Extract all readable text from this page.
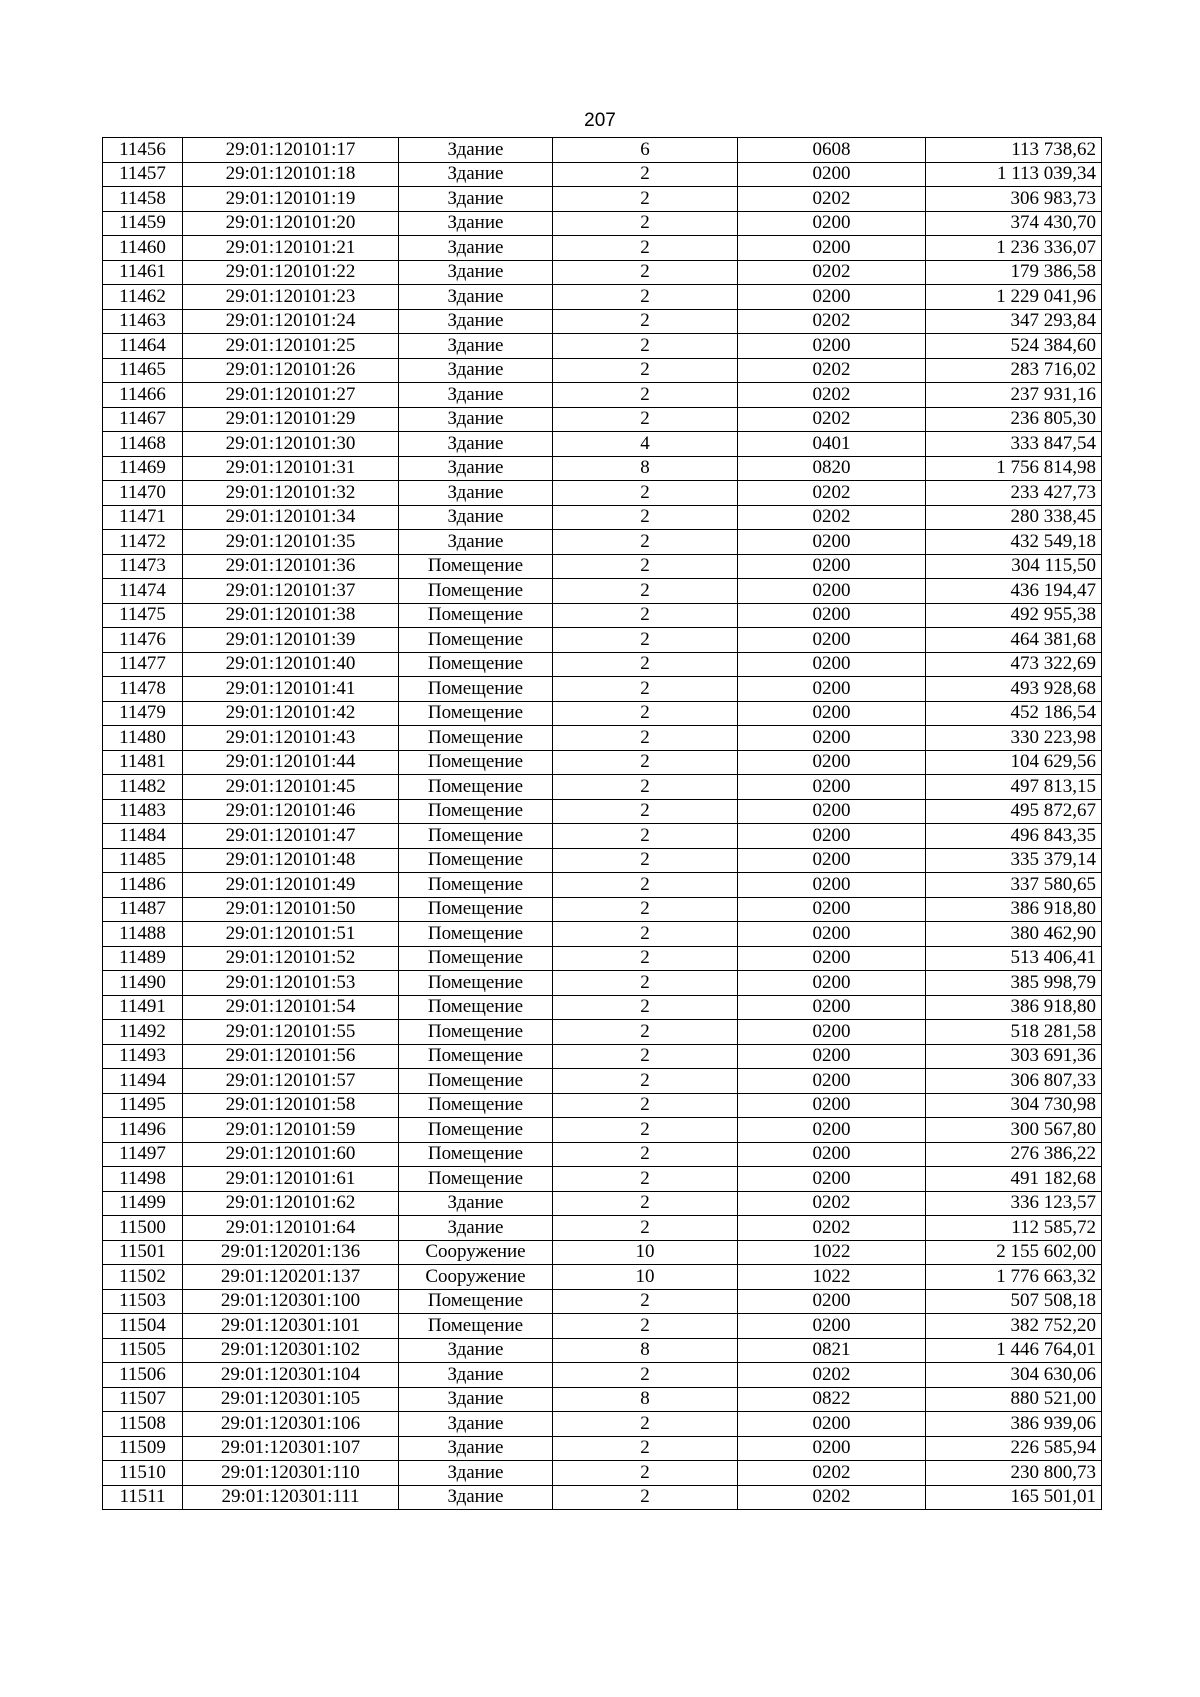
207
11456	29:01:120101:17	Здание	6	0608	113 738,62
11457	29:01:120101:18	Здание	2	0200	1 113 039,34
11458	29:01:120101:19	Здание	2	0202	306 983,73
11459	29:01:120101:20	Здание	2	0200	374 430,70
11460	29:01:120101:21	Здание	2	0200	1 236 336,07
11461	29:01:120101:22	Здание	2	0202	179 386,58
11462	29:01:120101:23	Здание	2	0200	1 229 041,96
11463	29:01:120101:24	Здание	2	0202	347 293,84
11464	29:01:120101:25	Здание	2	0200	524 384,60
11465	29:01:120101:26	Здание	2	0202	283 716,02
11466	29:01:120101:27	Здание	2	0202	237 931,16
11467	29:01:120101:29	Здание	2	0202	236 805,30
11468	29:01:120101:30	Здание	4	0401	333 847,54
11469	29:01:120101:31	Здание	8	0820	1 756 814,98
11470	29:01:120101:32	Здание	2	0202	233 427,73
11471	29:01:120101:34	Здание	2	0202	280 338,45
11472	29:01:120101:35	Здание	2	0200	432 549,18
11473	29:01:120101:36	Помещение	2	0200	304 115,50
11474	29:01:120101:37	Помещение	2	0200	436 194,47
11475	29:01:120101:38	Помещение	2	0200	492 955,38
11476	29:01:120101:39	Помещение	2	0200	464 381,68
11477	29:01:120101:40	Помещение	2	0200	473 322,69
11478	29:01:120101:41	Помещение	2	0200	493 928,68
11479	29:01:120101:42	Помещение	2	0200	452 186,54
11480	29:01:120101:43	Помещение	2	0200	330 223,98
11481	29:01:120101:44	Помещение	2	0200	104 629,56
11482	29:01:120101:45	Помещение	2	0200	497 813,15
11483	29:01:120101:46	Помещение	2	0200	495 872,67
11484	29:01:120101:47	Помещение	2	0200	496 843,35
11485	29:01:120101:48	Помещение	2	0200	335 379,14
11486	29:01:120101:49	Помещение	2	0200	337 580,65
11487	29:01:120101:50	Помещение	2	0200	386 918,80
11488	29:01:120101:51	Помещение	2	0200	380 462,90
11489	29:01:120101:52	Помещение	2	0200	513 406,41
11490	29:01:120101:53	Помещение	2	0200	385 998,79
11491	29:01:120101:54	Помещение	2	0200	386 918,80
11492	29:01:120101:55	Помещение	2	0200	518 281,58
11493	29:01:120101:56	Помещение	2	0200	303 691,36
11494	29:01:120101:57	Помещение	2	0200	306 807,33
11495	29:01:120101:58	Помещение	2	0200	304 730,98
11496	29:01:120101:59	Помещение	2	0200	300 567,80
11497	29:01:120101:60	Помещение	2	0200	276 386,22
11498	29:01:120101:61	Помещение	2	0200	491 182,68
11499	29:01:120101:62	Здание	2	0202	336 123,57
11500	29:01:120101:64	Здание	2	0202	112 585,72
11501	29:01:120201:136	Сооружение	10	1022	2 155 602,00
11502	29:01:120201:137	Сооружение	10	1022	1 776 663,32
11503	29:01:120301:100	Помещение	2	0200	507 508,18
11504	29:01:120301:101	Помещение	2	0200	382 752,20
11505	29:01:120301:102	Здание	8	0821	1 446 764,01
11506	29:01:120301:104	Здание	2	0202	304 630,06
11507	29:01:120301:105	Здание	8	0822	880 521,00
11508	29:01:120301:106	Здание	2	0200	386 939,06
11509	29:01:120301:107	Здание	2	0200	226 585,94
11510	29:01:120301:110	Здание	2	0202	230 800,73
11511	29:01:120301:111	Здание	2	0202	165 501,01
